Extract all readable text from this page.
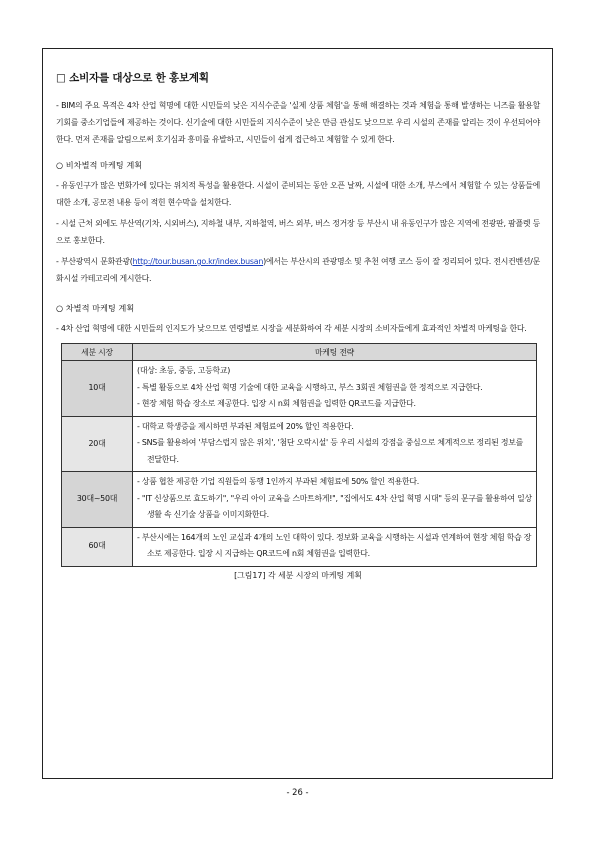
□ 소비자를 대상으로 한 홍보계획

- BIM의 주요 목적은 4차 산업 혁명에 대한 시민들의 낮은 지식수준을 '실제 상품 체험'을 통해 해결하는 것과 체험을 통해 발생하는 니즈를 활용할 기회를 중소기업들에 제공하는 것이다. 신기술에 대한 시민들의 지식수준이 낮은 만큼 관심도 낮으므로 우리 시설의 존재를 알리는 것이 우선되어야 한다. 먼저 존재를 알림으로써 호기심과 흥미를 유발하고, 시민들이 쉽게 접근하고 체험할 수 있게 한다.

○ 비차별적 마케팅 계획

- 유동인구가 많은 번화가에 있다는 위치적 특성을 활용한다. 시설이 준비되는 동안 오픈 날짜, 시설에 대한 소개, 부스에서 체험할 수 있는 상품들에 대한 소개, 공모전 내용 등이 적힌 현수막을 설치한다.

- 시설 근처 외에도 부산역(기차, 시외버스), 지하철 내부, 지하철역, 버스 외부, 버스 정거장 등 부산시 내 유동인구가 많은 지역에 전광판, 팜플렛 등으로 홍보한다.

- 부산광역시 문화관광(http://tour.busan.go.kr/index.busan)에서는 부산시의 관광명소 및 추천 여행 코스 등이 잘 정리되어 있다. 전시컨벤션/문화시설 카테고리에 게시한다.

○ 차별적 마케팅 계획

- 4차 산업 혁명에 대한 시민들의 인지도가 낮으므로 연령별로 시장을 세분화하여 각 세분 시장의 소비자들에게 효과적인 차별적 마케팅을 한다.

세분 시장	마케팅 전략
10대	(대상: 초등, 중등, 고등학교)
- 특별 활동으로 4차 산업 혁명 기술에 대한 교육을 시행하고, 부스 3회권 체험권을 한 정적으로 지급한다.
- 현장 체험 학습 장소로 제공한다. 입장 시 n회 체험권을 입력한 QR코드를 지급한다.

20대	- 대학교 학생증을 제시하면 부과된 체험료에 20% 할인 적용한다.
- SNS를 활용하여 '부담스럽지 않은 위치', '첨단 오락시설' 등 우리 시설의 강점을 중심으로 체계적으로 정리된 정보를 전달한다.

30대~50대	- 상품 협찬 제공한 기업 직원들의 동행 1인까지 부과된 체험료에 50% 할인 적용한다.
- "IT 신상품으로 효도하기", "우리 아이 교육을 스마트하게!", "집에서도 4차 산업 혁명 시대" 등의 문구를 활용하여 일상생활 속 신기술 상품을 이미지화한다.

60대	- 부산시에는 164개의 노인 교실과 4개의 노인 대학이 있다. 정보화 교육을 시행하는 시설과 연계하여 현장 체험 학습 장소로 제공한다. 입장 시 지급하는 QR코드에 n회 체험권을 입력한다.
[그림17] 각 세분 시장의 마케팅 계획
- 26 -
